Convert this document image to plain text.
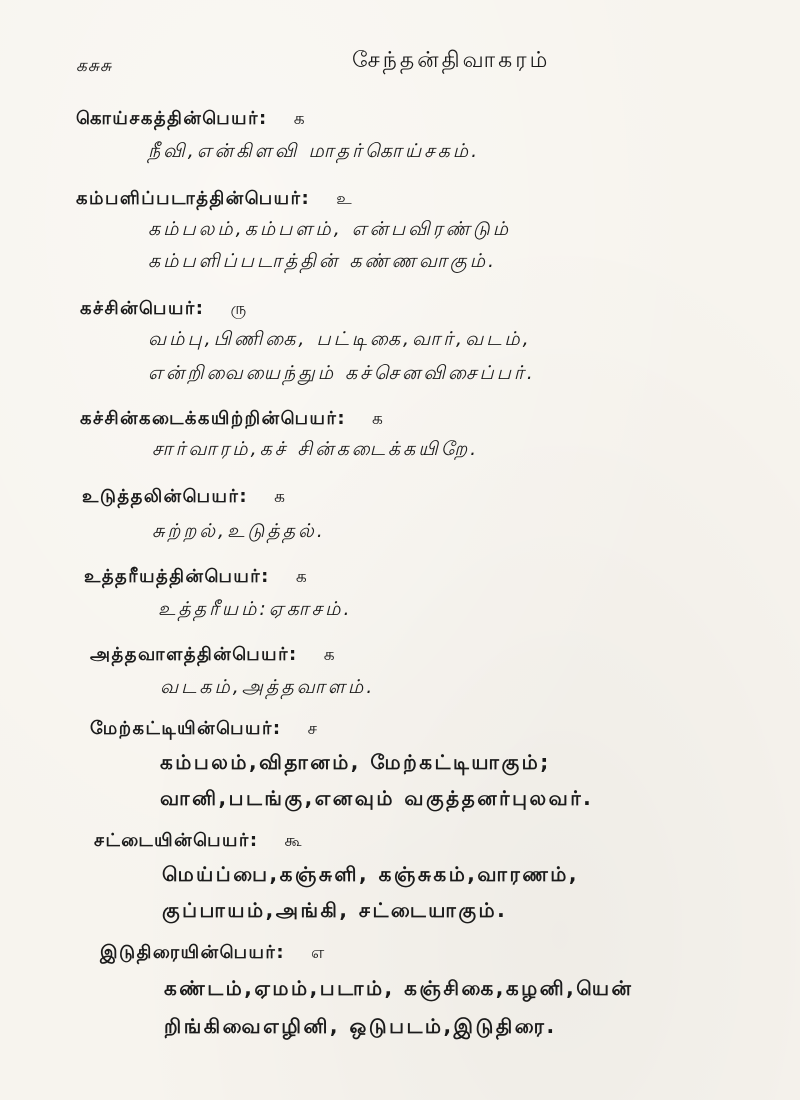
கசுசு	சேந்தன்திவாகரம்
கொய்சகத்தின்பெயர்: க
நீவி,என்கிளவி மாதர்கொய்சகம்.
கம்பளிப்படாத்தின்பெயர்: உ
கம்பலம்,கம்பளம், என்பவிரண்டும்
கம்பளிப்படாத்தின் கண்ணவாகும்.
கச்சின்பெயர்: ரு
வம்பு,பிணிகை, பட்டிகை,வார்,வடம்,
என்றிவையைந்தும் கச்செனவிசைப்பர்.
கச்சின்கடைக்கயிற்றின்பெயர்: க
சார்வாரம்,கச் சின்கடைக்கயிறே.
உடுத்தலின்பெயர்: க
சுற்றல்,உடுத்தல்.
உத்தரீயத்தின்பெயர்: க
உத்தரீயம்:ஏகாசம்.
அத்தவாளத்தின்பெயர்: க
வடகம்,அத்தவாளம்.
மேற்கட்டியின்பெயர்: ச
கம்பலம்,விதானம், மேற்கட்டியாகும்;
வானி,படங்கு,எனவும் வகுத்தனர்புலவர்.
சட்டையின்பெயர்: கூ
மெய்ப்பை,கஞ்சுளி, கஞ்சுகம்,வாரணம்,
குப்பாயம்,அங்கி, சட்டையாகும்.
இடுதிரையின்பெயர்: எ
கண்டம்,ஏமம்,படாம், கஞ்சிகை,கழனி,யென்
றிங்கிவைஎழினி, ஒடுபடம்,இடுதிரை.
